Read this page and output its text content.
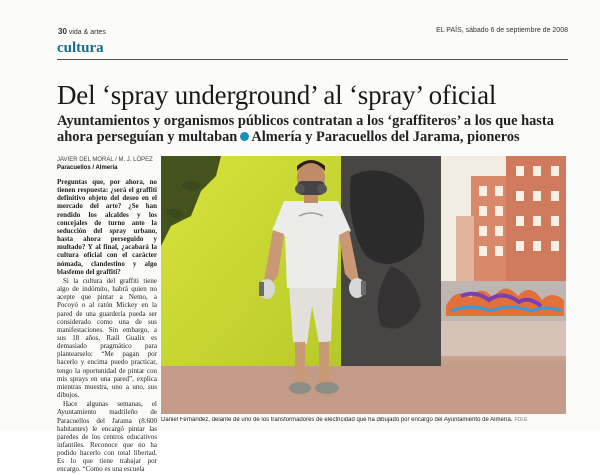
30 vida & artes	EL PAÍS, sábado 6 de septiembre de 2008
cultura
Del ‘spray underground’ al ‘spray’ oficial
Ayuntamientos y organismos públicos contratan a los ‘graffiteros’ a los que hasta ahora perseguían y multaban Almería y Paracuellos del Jarama, pioneros
JAVIER DEL MORAL / M. J. LÓPEZ
Paracuellos / Almería

Preguntas que, por ahora, no tienen respuesta: ¿será el graffiti definitivo objeto del deseo en el mercado del arte? ¿Se han rendido los alcaldes y los concejales de turno ante la seducción del spray urbano, hasta ahora perseguido y multado? Y al final, ¿acabará la cultura oficial con el carácter nómada, clandestino y algo blasfemo del graffiti?

Si la cultura del graffiti tiene algo de indómito, habrá quien no acepte que pintar a Nemo, a Pocoyó o al ratón Mickey en la pared de una guardería pueda ser considerado como una de sus manifestaciones. Sin embargo, a sus 18 años, Raúl Gualix es demasiado pragmático para plantearselo: “Me pagan por hacerlo y encima puedo practicar, tengo la oportunidad de pintar con mis sprays en una pared”, explica mientras muestra, uno a uno, sus dibujos.

Hace algunas semanas, el Ayuntamiento madrileño de Paracuellos del Jarama (8.600 habitantes) le encargó pintar las paredes de los centros educativos infantiles. Reconoce que no ha podido hacerlo con total libertad. Es lo que tiene trabajar por encargo. “Como es una escuela

Daniel Fernández, delante de uno de los transformadores de electricidad que ha dibujado por encargo del Ayuntamiento de Almería. FOLE
